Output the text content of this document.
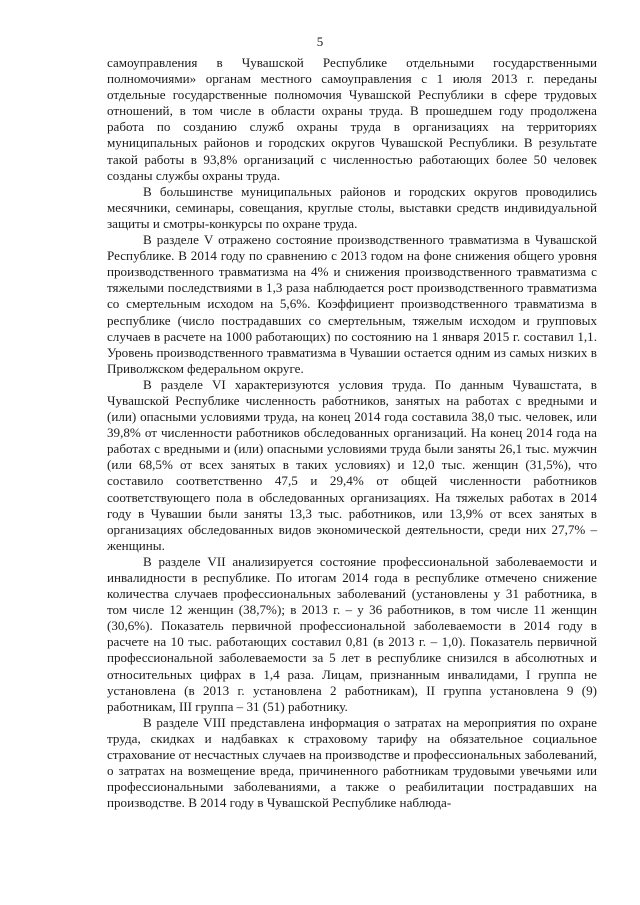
5

самоуправления в Чувашской Республике отдельными государственными полномочиями» органам местного самоуправления с 1 июля 2013 г. переданы отдельные государственные полномочия Чувашской Республики в сфере трудовых отношений, в том числе в области охраны труда. В прошедшем году продолжена работа по созданию служб охраны труда в организациях на территориях муниципальных районов и городских округов Чувашской Республики. В результате такой работы в 93,8% организаций с численностью работающих более 50 человек созданы службы охраны труда.

В большинстве муниципальных районов и городских округов проводились месячники, семинары, совещания, круглые столы, выставки средств индивидуальной защиты и смотры-конкурсы по охране труда.

В разделе V отражено состояние производственного травматизма в Чувашской Республике. В 2014 году по сравнению с 2013 годом на фоне снижения общего уровня производственного травматизма на 4% и снижения производственного травматизма с тяжелыми последствиями в 1,3 раза наблюдается рост производственного травматизма со смертельным исходом на 5,6%. Коэффициент производственного травматизма в республике (число пострадавших со смертельным, тяжелым исходом и групповых случаев в расчете на 1000 работающих) по состоянию на 1 января 2015 г. составил 1,1. Уровень производственного травматизма в Чувашии остается одним из самых низких в Приволжском федеральном округе.

В разделе VI характеризуются условия труда. По данным Чувашстата, в Чувашской Республике численность работников, занятых на работах с вредными и (или) опасными условиями труда, на конец 2014 года составила 38,0 тыс. человек, или 39,8% от численности работников обследованных организаций. На конец 2014 года на работах с вредными и (или) опасными условиями труда были заняты 26,1 тыс. мужчин (или 68,5% от всех занятых в таких условиях) и 12,0 тыс. женщин (31,5%), что составило соответственно 47,5 и 29,4% от общей численности работников соответствующего пола в обследованных организациях. На тяжелых работах в 2014 году в Чувашии были заняты 13,3 тыс. работников, или 13,9% от всех занятых в организациях обследованных видов экономической деятельности, среди них 27,7% – женщины.

В разделе VII анализируется состояние профессиональной заболеваемости и инвалидности в республике. По итогам 2014 года в республике отмечено снижение количества случаев профессиональных заболеваний (установлены у 31 работника, в том числе 12 женщин (38,7%); в 2013 г. – у 36 работников, в том числе 11 женщин (30,6%). Показатель первичной профессиональной заболеваемости в 2014 году в расчете на 10 тыс. работающих составил 0,81 (в 2013 г. – 1,0). Показатель первичной профессиональной заболеваемости за 5 лет в республике снизился в абсолютных и относительных цифрах в 1,4 раза. Лицам, признанным инвалидами, I группа не установлена (в 2013 г. установлена 2 работникам), II группа установлена 9 (9) работникам, III группа – 31 (51) работнику.

В разделе VIII представлена информация о затратах на мероприятия по охране труда, скидках и надбавках к страховому тарифу на обязательное социальное страхование от несчастных случаев на производстве и профессиональных заболеваний, о затратах на возмещение вреда, причиненного работникам трудовыми увечьями или профессиональными заболеваниями, а также о реабилитации пострадавших на производстве. В 2014 году в Чувашской Республике наблюда-
